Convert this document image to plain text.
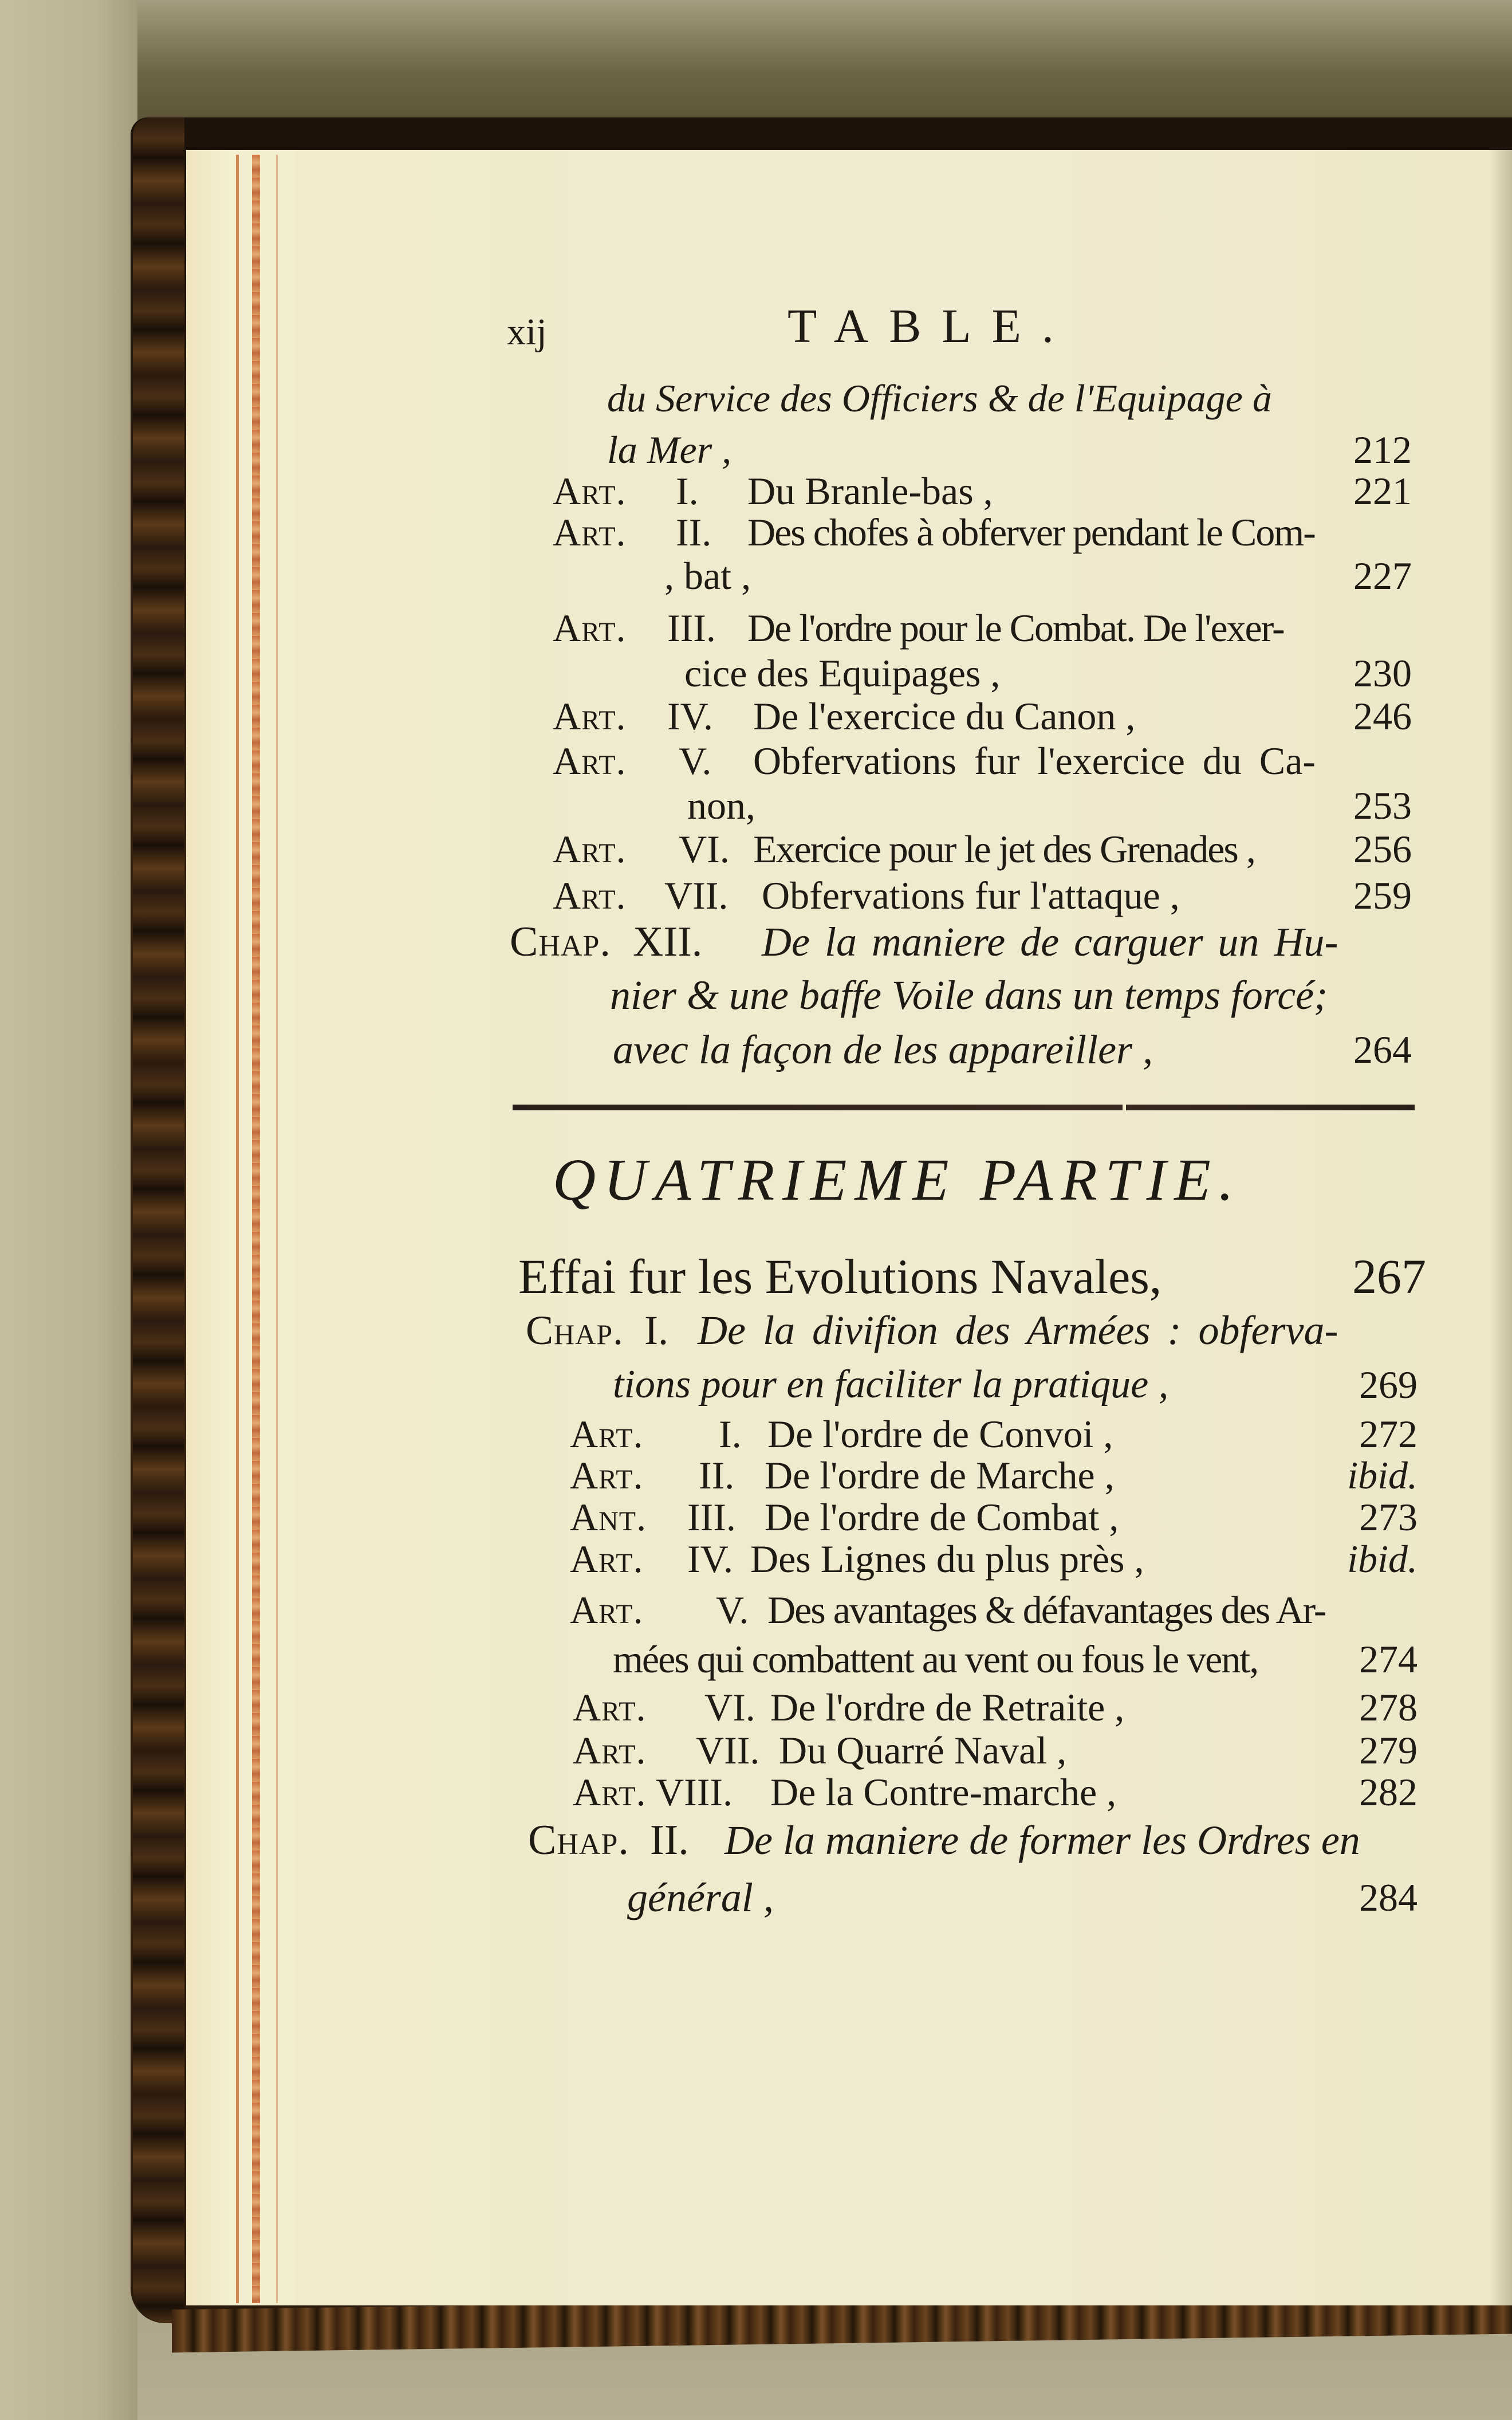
xij	TABLE.
du Service des Officiers & de l'Equipage à
la Mer ,	212
Art. I. Du Branle-bas ,	221
Art. II. Des chofes à obferver pendant le Com-
, bat ,	227
Art. III. De l'ordre pour le Combat. De l'exer-
cice des Equipages ,	230
Art. IV. De l'exercice du Canon ,	246
Art. V. Obfervations fur l'exercice du Ca-
non,	253
Art. VI. Exercice pour le jet des Grenades ,	256
Art. VII. Obfervations fur l'attaque ,	259
Chap. XII. De la maniere de carguer un Hu-
nier & une baffe Voile dans un temps forcé;
avec la façon de les appareiller ,	264
QUATRIEME PARTIE.
Effai fur les Evolutions Navales,	267
Chap. I. De la divifion des Armées : obferva-
tions pour en faciliter la pratique ,	269
Art. I. De l'ordre de Convoi ,	272
Art. II. De l'ordre de Marche ,	ibid.
Ant. III. De l'ordre de Combat ,	273
Art. IV. Des Lignes du plus près ,	ibid.
Art. V. Des avantages & défavantages des Ar-
mées qui combattent au vent ou fous le vent,	274
Art. VI. De l'ordre de Retraite ,	278
Art. VII. Du Quarré Naval ,	279
Art. VIII. De la Contre-marche ,	282
Chap. II. De la maniere de former les Ordres en
général ,	284
